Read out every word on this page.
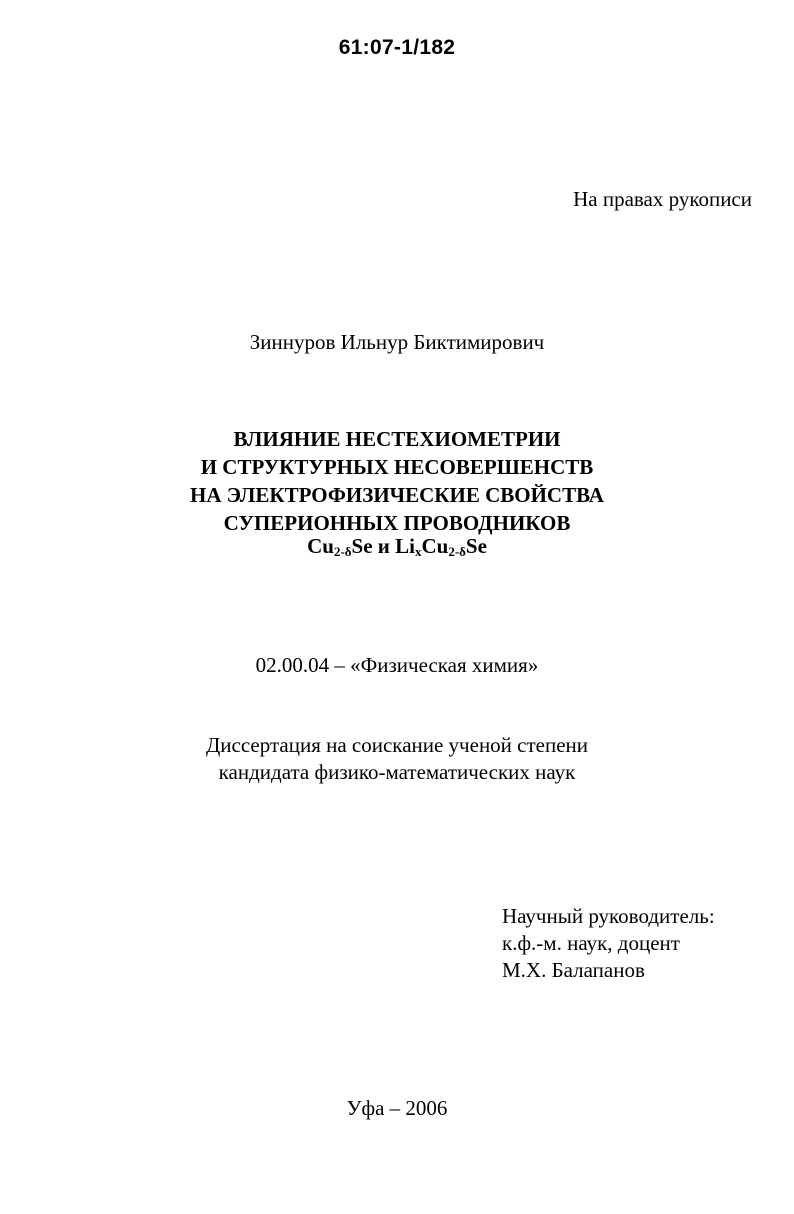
61:07-1/182
На правах рукописи
Зиннуров Ильнур Биктимирович
ВЛИЯНИЕ НЕСТЕХИОМЕТРИИ
И СТРУКТУРНЫХ НЕСОВЕРШЕНСТВ
НА ЭЛЕКТРОФИЗИЧЕСКИЕ СВОЙСТВА
СУПЕРИОННЫХ ПРОВОДНИКОВ
$Cu_{2-\delta}Se$ и $Li_xCu_{2-\delta}Se$
02.00.04 – «Физическая химия»
Диссертация на соискание ученой степени
кандидата физико-математических наук
Научный руководитель:
к.ф.-м. наук, доцент
М.Х. Балапанов
Уфа – 2006
